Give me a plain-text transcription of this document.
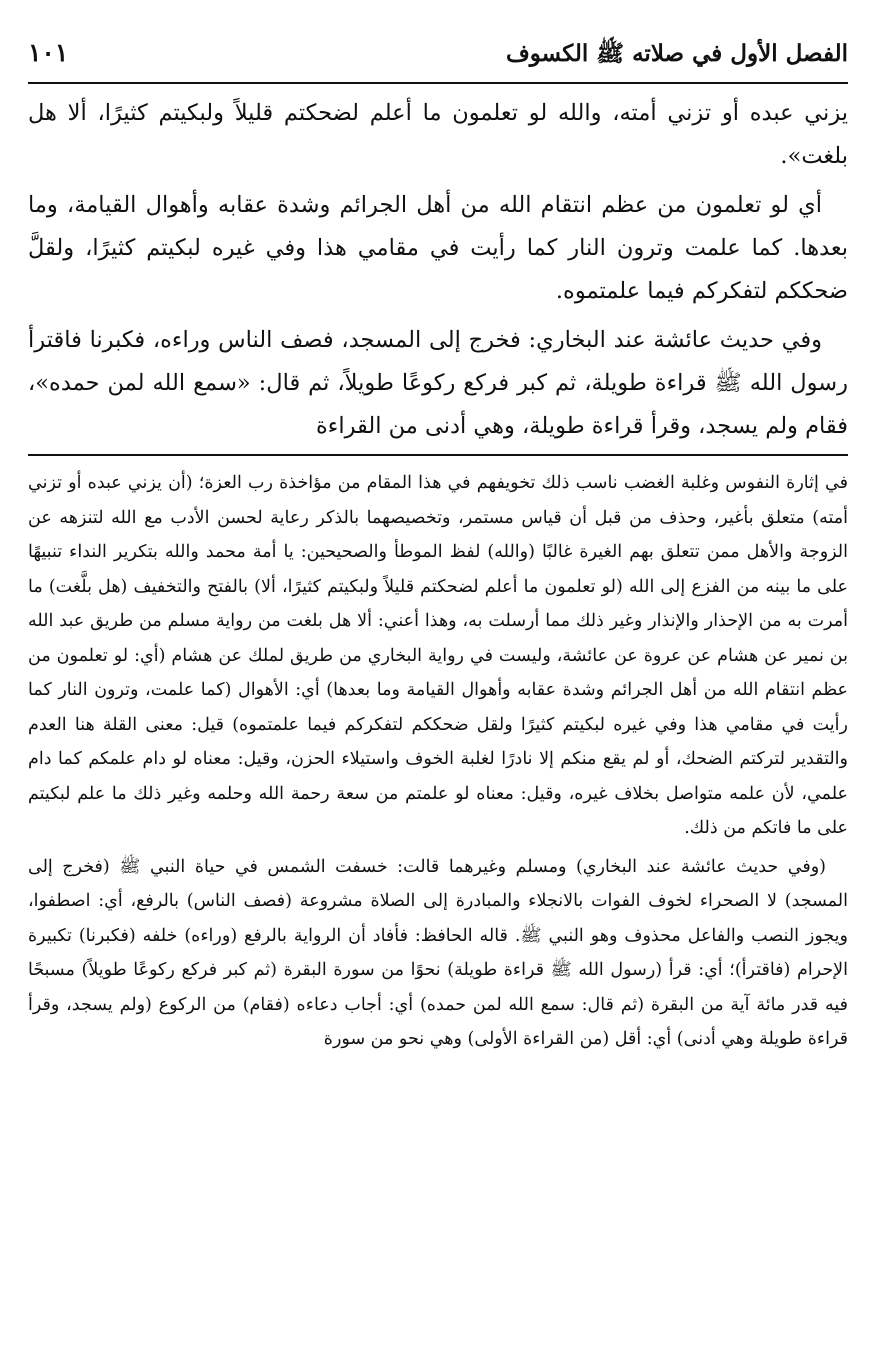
الفصل الأول في صلاته ﷺ الكسوف
١٠١

يزني عبده أو تزني أمته، والله لو تعلمون ما أعلم لضحكتم قليلاً ولبكيتم كثيرًا، ألا هل بلغت».

أي لو تعلمون من عظم انتقام الله من أهل الجرائم وشدة عقابه وأهوال القيامة، وما بعدها. كما علمت وترون النار كما رأيت في مقامي هذا وفي غيره لبكيتم كثيرًا، ولقلَّ ضحككم لتفكركم فيما علمتموه.

وفي حديث عائشة عند البخاري: فخرج إلى المسجد، فصف الناس وراءه، فكبرنا فاقترأ رسول الله ﷺ قراءة طويلة، ثم كبر فركع ركوعًا طويلاً، ثم قال: «سمع الله لمن حمده»، فقام ولم يسجد، وقرأ قراءة طويلة، وهي أدنى من القراءة

في إثارة النفوس وغلبة الغضب ناسب ذلك تخويفهم في هذا المقام من مؤاخذة رب العزة؛ (أن يزني عبده أو تزني أمته) متعلق بأغير، وحذف من قبل أن قياس مستمر، وتخصيصهما بالذكر رعاية لحسن الأدب مع الله لتنزهه عن الزوجة والأهل ممن تتعلق بهم الغيرة غالبًا (والله) لفظ الموطأ والصحيحين: يا أمة محمد والله بتكرير النداء تنبيهًا على ما بينه من الفزع إلى الله (لو تعلمون ما أعلم لضحكتم قليلاً ولبكيتم كثيرًا، ألا) بالفتح والتخفيف (هل بلَّغت) ما أمرت به من الإحذار والإنذار وغير ذلك مما أرسلت به، وهذا أعني: ألا هل بلغت من رواية مسلم من طريق عبد الله بن نمير عن هشام عن عروة عن عائشة، وليست في رواية البخاري من طريق لملك عن هشام (أي: لو تعلمون من عظم انتقام الله من أهل الجرائم وشدة عقابه وأهوال القيامة وما بعدها) أي: الأهوال (كما علمت، وترون النار كما رأيت في مقامي هذا وفي غيره لبكيتم كثيرًا ولقل ضحككم لتفكركم فيما علمتموه) قيل: معنى القلة هنا العدم والتقدير لتركتم الضحك، أو لم يقع منكم إلا نادرًا لغلبة الخوف واستيلاء الحزن، وقيل: معناه لو دام علمكم كما دام علمي، لأن علمه متواصل بخلاف غيره، وقيل: معناه لو علمتم من سعة رحمة الله وحلمه وغير ذلك ما علم لبكيتم على ما فاتكم من ذلك.

(وفي حديث عائشة عند البخاري) ومسلم وغيرهما قالت: خسفت الشمس في حياة النبي ﷺ (فخرج إلى المسجد) لا الصحراء لخوف الفوات بالانجلاء والمبادرة إلى الصلاة مشروعة (فصف الناس) بالرفع، أي: اصطفوا، ويجوز النصب والفاعل محذوف وهو النبي ﷺ. قاله الحافظ: فأفاد أن الرواية بالرفع (وراءه) خلفه (فكبرنا) تكبيرة الإحرام (فاقترأ)؛ أي: قرأ (رسول الله ﷺ قراءة طويلة) نحوًا من سورة البقرة (ثم كبر فركع ركوعًا طويلاً) مسبحًا فيه قدر مائة آية من البقرة (ثم قال: سمع الله لمن حمده) أي: أجاب دعاءه (فقام) من الركوع (ولم يسجد، وقرأ قراءة طويلة وهي أدنى) أي: أقل (من القراءة الأولى) وهي نحو من سورة
